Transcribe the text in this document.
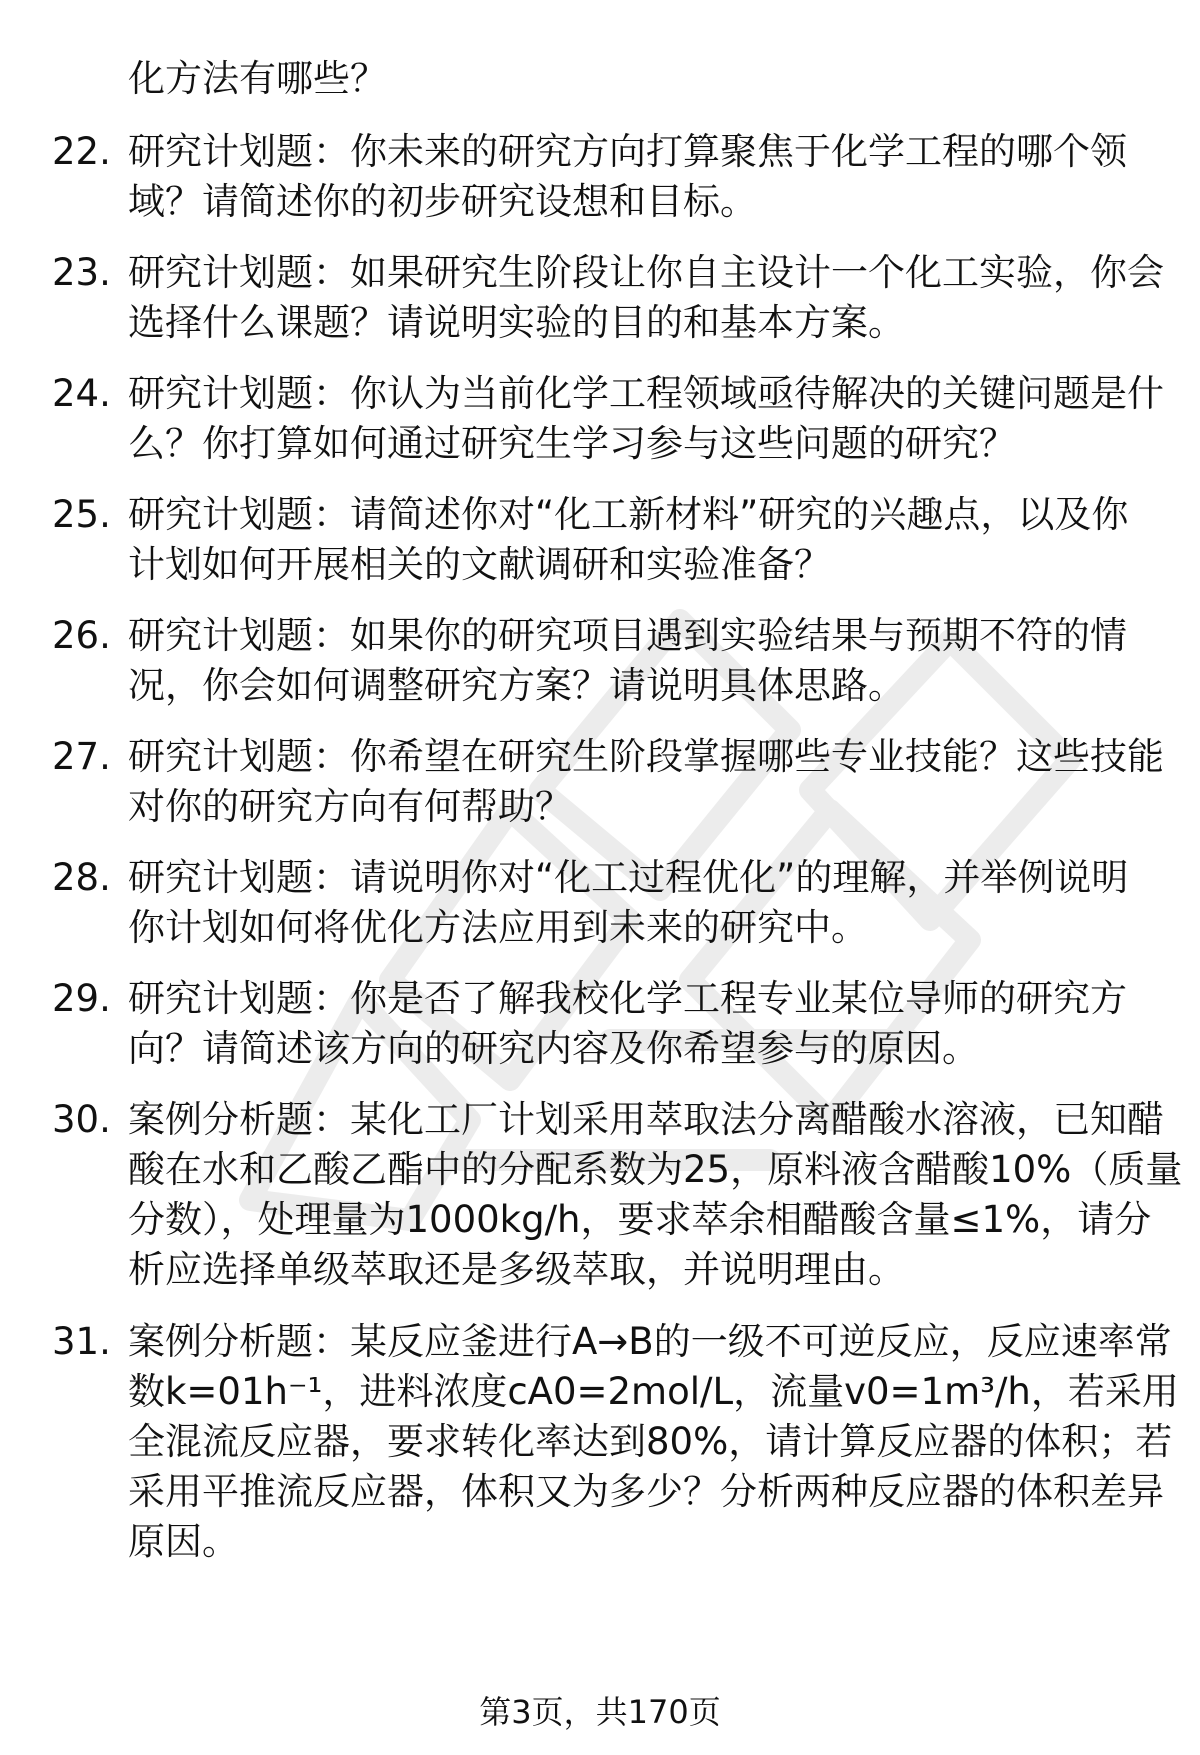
化方法有哪些？
22. 研究计划题：你未来的研究方向打算聚焦于化学工程的哪个领
域？请简述你的初步研究设想和目标。
23. 研究计划题：如果研究生阶段让你自主设计一个化工实验，你会
选择什么课题？请说明实验的目的和基本方案。
24. 研究计划题：你认为当前化学工程领域亟待解决的关键问题是什
么？你打算如何通过研究生学习参与这些问题的研究？
25. 研究计划题：请简述你对“化工新材料”研究的兴趣点，以及你
计划如何开展相关的文献调研和实验准备？
26. 研究计划题：如果你的研究项目遇到实验结果与预期不符的情
况，你会如何调整研究方案？请说明具体思路。
27. 研究计划题：你希望在研究生阶段掌握哪些专业技能？这些技能
对你的研究方向有何帮助？
28. 研究计划题：请说明你对“化工过程优化”的理解，并举例说明
你计划如何将优化方法应用到未来的研究中。
29. 研究计划题：你是否了解我校化学工程专业某位导师的研究方
向？请简述该方向的研究内容及你希望参与的原因。
30. 案例分析题：某化工厂计划采用萃取法分离醋酸水溶液，已知醋
酸在水和乙酸乙酯中的分配系数为25，原料液含醋酸10%（质量
分数），处理量为1000kg/h，要求萃余相醋酸含量≤1%，请分
析应选择单级萃取还是多级萃取，并说明理由。
31. 案例分析题：某反应釜进行A→B的一级不可逆反应，反应速率常
数k=01h⁻¹，进料浓度cA0=2mol/L，流量v0=1m³/h，若采用
全混流反应器，要求转化率达到80%，请计算反应器的体积；若
采用平推流反应器，体积又为多少？分析两种反应器的体积差异
原因。
第3页，共170页
